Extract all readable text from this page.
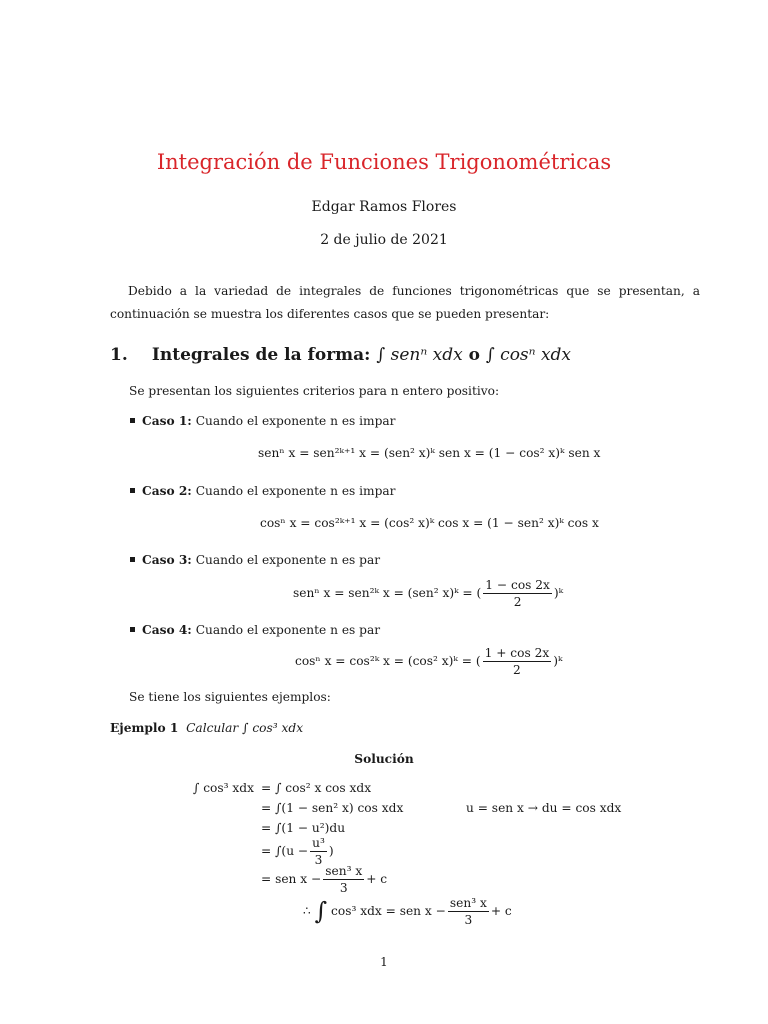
Integración de Funciones Trigonométricas
Edgar Ramos Flores
2 de julio de 2021
Debido a la variedad de integrales de funciones trigonométricas que se presentan, a continuación se muestra los diferentes casos que se pueden presentar:
1. Integrales de la forma: ∫ senⁿ xdx o ∫ cosⁿ xdx
Se presentan los siguientes criterios para n entero positivo:
Caso 1: Cuando el exponente n es impar
senⁿ x = sen²ᵏ⁺¹ x = (sen² x)ᵏ sen x = (1 − cos² x)ᵏ sen x
Caso 2: Cuando el exponente n es impar
cosⁿ x = cos²ᵏ⁺¹ x = (cos² x)ᵏ cos x = (1 − sen² x)ᵏ cos x
Caso 3: Cuando el exponente n es par
senⁿ x = sen²ᵏ x = (sen² x)ᵏ = ( $\frac{1 - \cos 2x}{2}$ )ᵏ
Caso 4: Cuando el exponente n es par
cosⁿ x = cos²ᵏ x = (cos² x)ᵏ = ( $\frac{1 + \cos 2x}{2}$ )ᵏ
Se tiene los siguientes ejemplos:
Ejemplo 1 Calcular ∫ cos³ xdx
Solución
∫ cos³ xdx = ∫ cos² x cos xdx
= ∫(1 − sen² x) cos xdx	u = sen x → du = cos xdx
= ∫(1 − u²)du
= $\int(u - \frac{\text{u³}}{3}$ )
= sen $x - \frac{\text{sen³ x}}{3} + c$
∴ ∫ cos³ xdx = sen $x - \frac{\text{sen³ x}}{3} + c$
1
